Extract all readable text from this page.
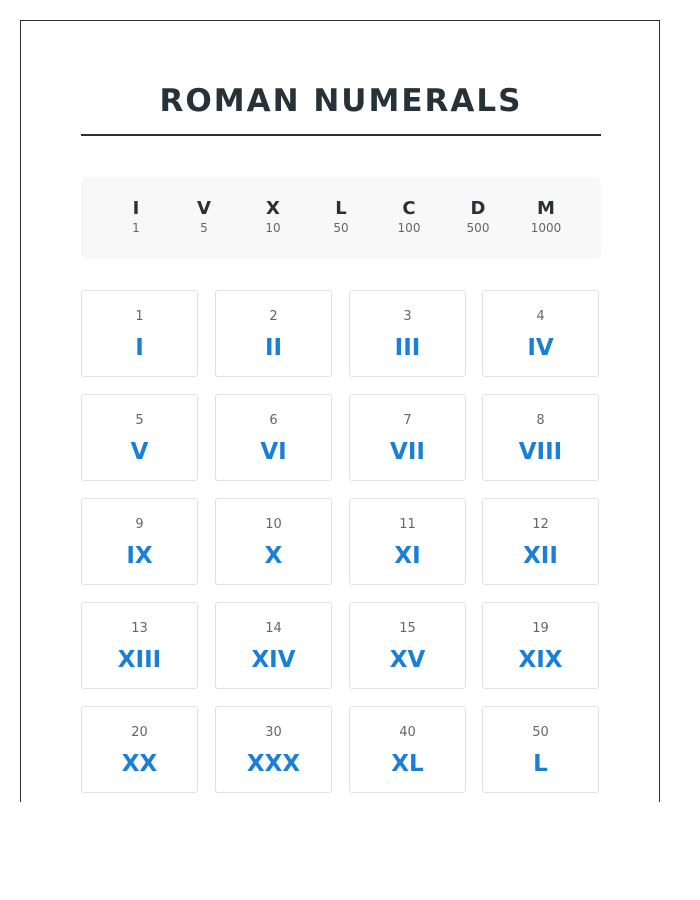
ROMAN NUMERALS
I
1
V
5
X
10
L
50
C
100
D
500
M
1000
1
I
2
II
3
III
4
IV
5
V
6
VI
7
VII
8
VIII
9
IX
10
X
11
XI
12
XII
13
XIII
14
XIV
15
XV
19
XIX
20
XX
30
XXX
40
XL
50
L
